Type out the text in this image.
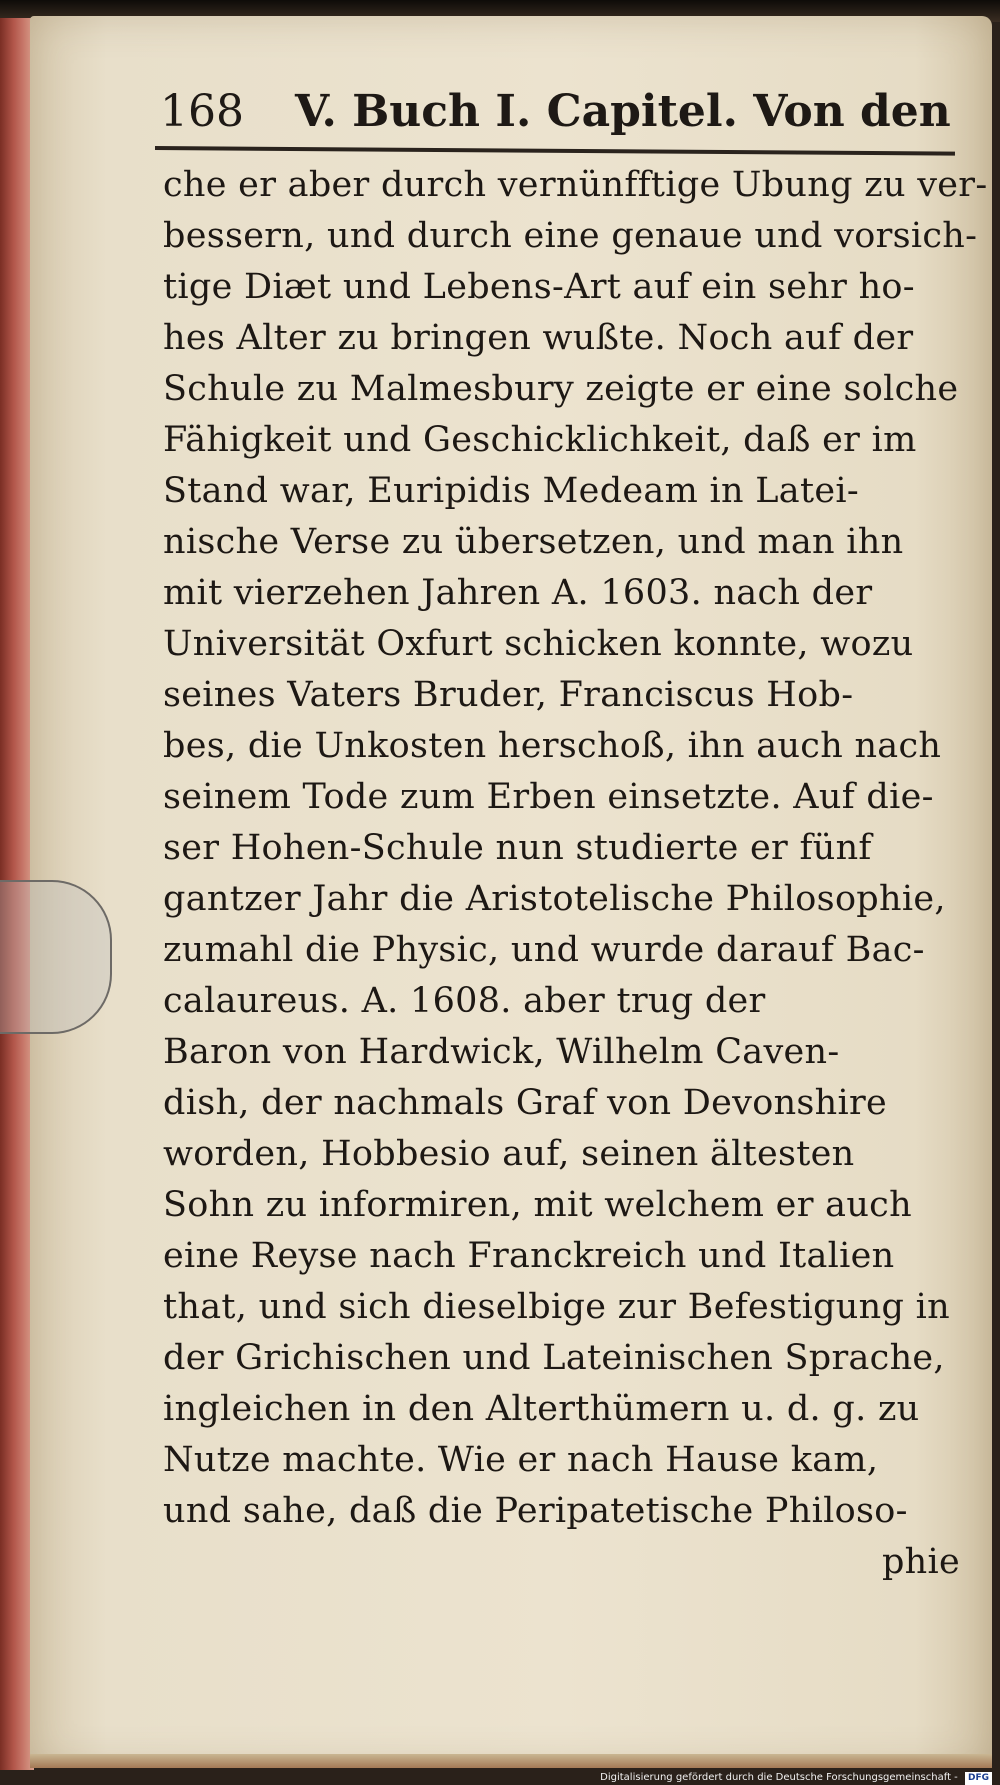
168 V. Buch I. Capitel. Von den
che er aber durch vernünfftige Ubung zu ver-
bessern, und durch eine genaue und vorsich-
tige Diæt und Lebens-Art auf ein sehr ho-
hes Alter zu bringen wußte. Noch auf der
Schule zu Malmesbury zeigte er eine solche
Fähigkeit und Geschicklichkeit, daß er im
Stand war, Euripidis Medeam in Latei-
nische Verse zu übersetzen, und man ihn
mit vierzehen Jahren A. 1603. nach der
Universität Oxfurt schicken konnte, wozu
seines Vaters Bruder, Franciscus Hob-
bes, die Unkosten herschoß, ihn auch nach
seinem Tode zum Erben einsetzte. Auf die-
ser Hohen-Schule nun studierte er fünf
gantzer Jahr die Aristotelische Philosophie,
zumahl die Physic, und wurde darauf Bac-
calaureus. A. 1608. aber trug der
Baron von Hardwick, Wilhelm Caven-
dish, der nachmals Graf von Devonshire
worden, Hobbesio auf, seinen ältesten
Sohn zu informiren, mit welchem er auch
eine Reyse nach Franckreich und Italien
that, und sich dieselbige zur Befestigung in
der Grichischen und Lateinischen Sprache,
ingleichen in den Alterthümern u. d. g. zu
Nutze machte. Wie er nach Hause kam,
und sahe, daß die Peripatetische Philoso-
phie
Digitalisierung gefördert durch die Deutsche Forschungsgemeinschaft - DFG
